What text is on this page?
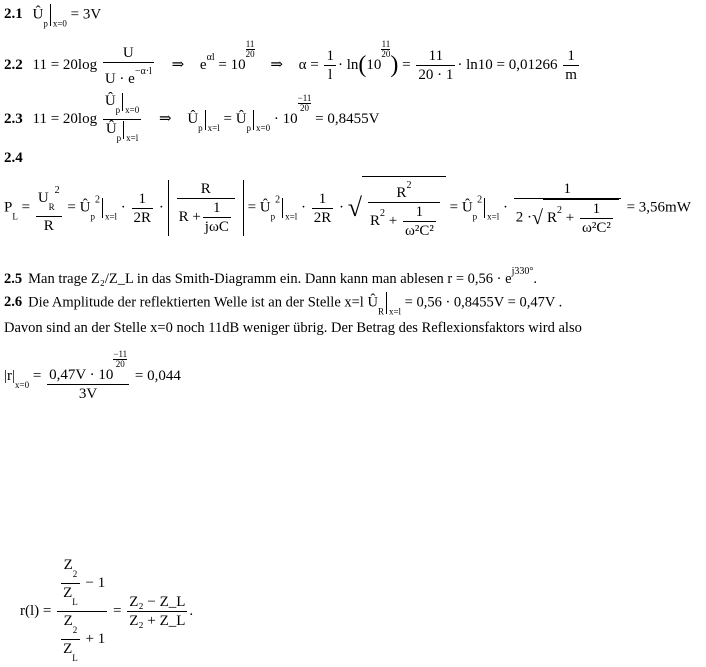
2.1 $Û_p$ $_{x=0}$ = 3V
2.2 $11 = 20\log \frac{U}{U \cdot e^{-\alpha\cdot l}}$ ⇒ $e^{\alpha l} = 10$
$\frac{11}{20}$
⇒ $\alpha = \frac{1}{l} \cdot \ln(10$
$\frac{11}{20}$
) = $\frac{11}{20 \cdot 1} \cdot \ln 10 = 0,01266 \frac{1}{m}$
2.3 $11 = 20\log \frac{Û_p _{x=0}}{Û_p _{x=l}}$ ⇒ $Û_p$ $_{x=l} = Û_p$ $_{x=0}$ · 10
$\frac{-11}{20}$
= 0,8455V
2.4
$P_L = \frac{U_R^2}{R}$ = $Û_p^2_{x=l} \cdot \frac{1}{2R} \cdot \frac{R}{R + \frac{1}{\text{jωC}}}$ = $Û_p^2_{x=l} \cdot \frac{1}{2R}$ · √ $\frac{R^2}{R^2 + \frac{1}{\text{ω²C²}}}$ = $Û_p^2_{x=l} \cdot \frac{1}{2 \cdot√ R^2 + \frac{1}{\text{ω²C²}}} = 3,56mW$
2.5 Man trage Z₂/Z_L in das Smith-Diagramm ein. Dann kann man ablesen $r = 0,56 \cdot e^{j330^\circ}$.
2.6 Die Amplitude der reflektierten Welle ist an der Stelle x=l $Û_R$ $_{x=l}$ = 0,56 · 0,8455V = 0,47V .
Davon sind an der Stelle x=0 noch 11dB weniger übrig. Der Betrag des Reflexionsfaktors wird also
$|r|_{x=0} = 0,47V \cdot 10$
$\frac{-11}{20}$
3V = 0,044
$r(l) = \frac{\frac{Z_2}{Z_L} - 1}{\frac{Z_2}{Z_L} + 1} = \frac{\text{Z₂ − Z\_L}}{\text{Z₂ + Z\_L}}$ .
